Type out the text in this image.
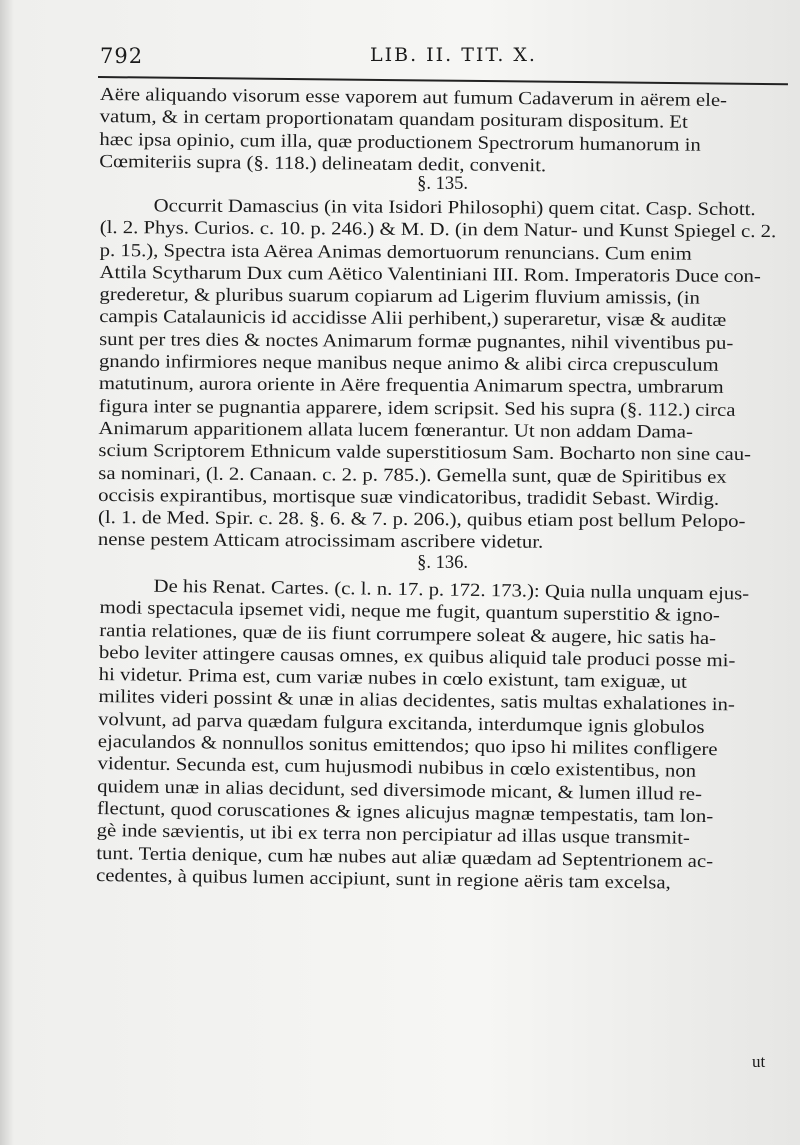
792	LIB. II. TIT. X.
Aëre aliquando visorum esse vaporem aut fumum Cadaverum in aërem ele-
vatum, & in certam proportionatam quandam posituram dispositum. Et
hæc ipsa opinio, cum illa, quæ productionem Spectrorum humanorum in
Cœmiteriis supra (§. 118.) delineatam dedit, convenit.
§. 135.
Occurrit Damascius (in vita Isidori Philosophi) quem citat. Casp. Schott.
(l. 2. Phys. Curios. c. 10. p. 246.) & M. D. (in dem Natur- und Kunst Spiegel c. 2.
p. 15.), Spectra ista Aërea Animas demortuorum renuncians. Cum enim
Attila Scytharum Dux cum Aëtico Valentiniani III. Rom. Imperatoris Duce con-
grederetur, & pluribus suarum copiarum ad Ligerim fluvium amissis, (in
campis Catalaunicis id accidisse Alii perhibent,) superaretur, visæ & auditæ
sunt per tres dies & noctes Animarum formæ pugnantes, nihil viventibus pu-
gnando infirmiores neque manibus neque animo & alibi circa crepusculum
matutinum, aurora oriente in Aëre frequentia Animarum spectra, umbrarum
figura inter se pugnantia apparere, idem scripsit. Sed his supra (§. 112.) circa
Animarum apparitionem allata lucem fœnerantur. Ut non addam Dama-
scium Scriptorem Ethnicum valde superstitiosum Sam. Bocharto non sine cau-
sa nominari, (l. 2. Canaan. c. 2. p. 785.). Gemella sunt, quæ de Spiritibus ex
occisis expirantibus, mortisque suæ vindicatoribus, tradidit Sebast. Wirdig.
(l. 1. de Med. Spir. c. 28. §. 6. & 7. p. 206.), quibus etiam post bellum Pelopo-
nense pestem Atticam atrocissimam ascribere videtur.
§. 136.
De his Renat. Cartes. (c. l. n. 17. p. 172. 173.): Quia nulla unquam ejus-
modi spectacula ipsemet vidi, neque me fugit, quantum superstitio & igno-
rantia relationes, quæ de iis fiunt corrumpere soleat & augere, hic satis ha-
bebo leviter attingere causas omnes, ex quibus aliquid tale produci posse mi-
hi videtur. Prima est, cum variæ nubes in cœlo existunt, tam exiguæ, ut
milites videri possint & unæ in alias decidentes, satis multas exhalationes in-
volvunt, ad parva quædam fulgura excitanda, interdumque ignis globulos
ejaculandos & nonnullos sonitus emittendos; quo ipso hi milites confligere
videntur. Secunda est, cum hujusmodi nubibus in cœlo existentibus, non
quidem unæ in alias decidunt, sed diversimode micant, & lumen illud re-
flectunt, quod coruscationes & ignes alicujus magnæ tempestatis, tam lon-
gè inde sævientis, ut ibi ex terra non percipiatur ad illas usque transmit-
tunt. Tertia denique, cum hæ nubes aut aliæ quædam ad Septentrionem ac-
cedentes, à quibus lumen accipiunt, sunt in regione aëris tam excelsa,
ut
